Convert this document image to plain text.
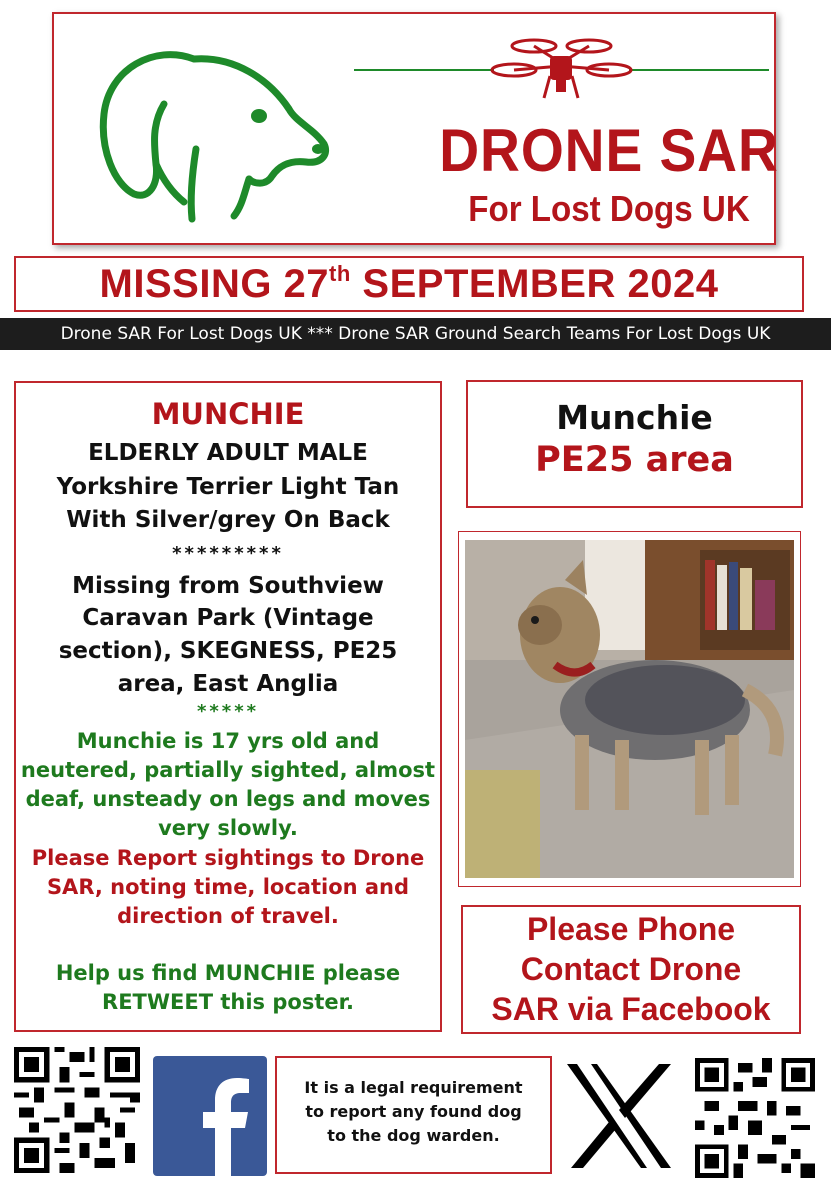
DRONE SAR
For Lost Dogs UK
MISSING 27th SEPTEMBER 2024
Drone SAR For Lost Dogs UK *** Drone SAR Ground Search Teams For Lost Dogs UK
MUNCHIE
ELDERLY ADULT MALE
Yorkshire Terrier Light Tan
With Silver/grey On Back
*********
Missing from Southview
Caravan Park (Vintage
section), SKEGNESS, PE25
area, East Anglia
*****
Munchie is 17 yrs old and
neutered, partially sighted, almost
deaf, unsteady on legs and moves
very slowly.
Please Report sightings to Drone
SAR, noting time, location and
direction of travel.
Help us find MUNCHIE please
RETWEET this poster.
Munchie
PE25 area
Please Phone
Contact Drone
SAR via Facebook
It is a legal requirement
to report any found dog
to the dog warden.
